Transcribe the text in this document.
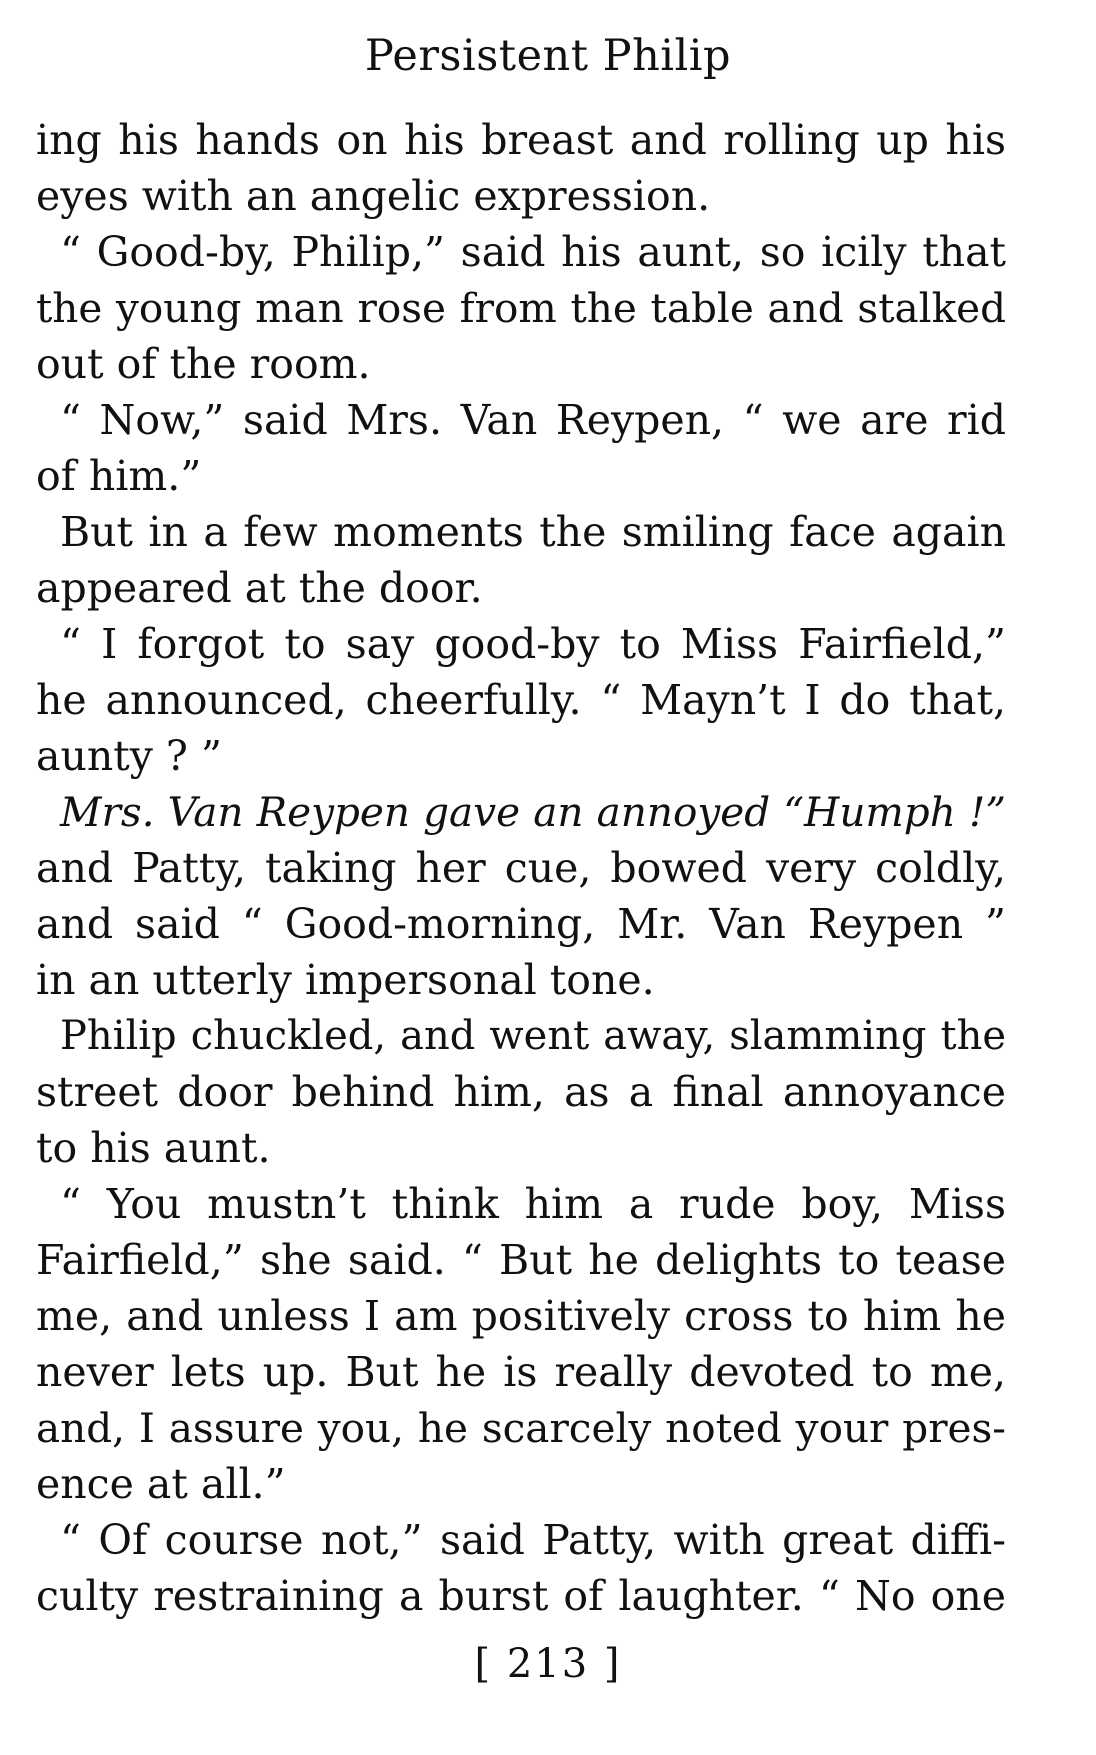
Persistent Philip
ing his hands on his breast and rolling up his
eyes with an angelic expression.
“ Good-by, Philip,” said his aunt, so icily that
the young man rose from the table and stalked
out of the room.
“ Now,” said Mrs. Van Reypen, “ we are rid
of him.”
But in a few moments the smiling face again
appeared at the door.
“ I forgot to say good-by to Miss Fairfield,”
he announced, cheerfully. “ Mayn’t I do that,
aunty ? ”
Mrs. Van Reypen gave an annoyed “Humph !”
and Patty, taking her cue, bowed very coldly,
and said “ Good-morning, Mr. Van Reypen ”
in an utterly impersonal tone.
Philip chuckled, and went away, slamming the
street door behind him, as a final annoyance
to his aunt.
“ You mustn’t think him a rude boy, Miss
Fairfield,” she said. “ But he delights to tease
me, and unless I am positively cross to him he
never lets up. But he is really devoted to me,
and, I assure you, he scarcely noted your pres-
ence at all.”
“ Of course not,” said Patty, with great diffi-
culty restraining a burst of laughter. “ No one
[ 213 ]
